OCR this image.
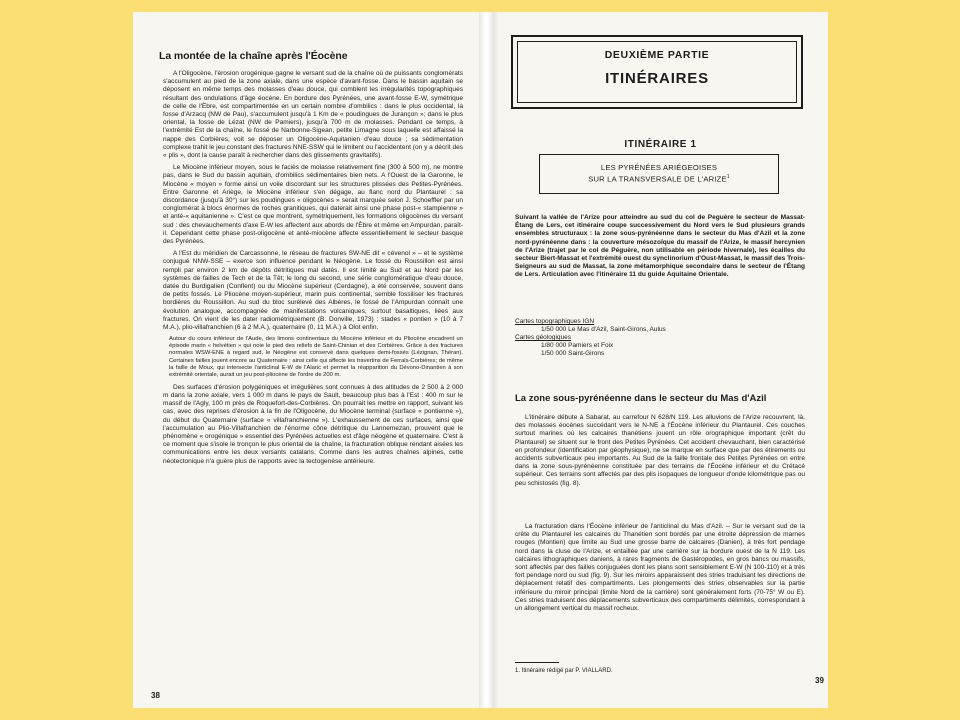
La montée de la chaîne après l'Éocène

A l'Oligocène, l'érosion orogénique gagne le versant sud de la chaîne où de puissants conglomérats s'accumulent au pied de la zone axiale, dans une espèce d'avant-fosse. Dans le bassin aquitain se déposent en même temps des molasses d'eau douce, qui comblent les irrégularités topographiques résultant des ondulations d'âge éocène. En bordure des Pyrénées, une avant-fosse E-W, symétrique de celle de l'Èbre, est compartimentée en un certain nombre d'ombilics : dans le plus occidental, la fosse d'Arzacq (NW de Pau), s'accumulent jusqu'à 1 Km de « poudingues de Jurançon »; dans le plus oriental, la fosse de Lézat (NW de Pamiers), jusqu'à 700 m de molasses. Pendant ce temps, à l'extrémité Est de la chaîne, le fossé de Narbonne-Sigean, petite Limagne sous laquelle est affaissé la nappe des Corbières, voit se déposer un Oligocène-Aquitanien d'eau douce ; sa sédimentation complexe trahit le jeu constant des fractures NNE-SSW qui le limitent ou l'accidentent (on y a décrit des « plis », dont la cause paraît à rechercher dans des glissements gravitatifs).

Le Miocène inférieur moyen, sous le faciès de molasse relativement fine (300 à 500 m), ne montre pas, dans le Sud du bassin aquitain, d'ombilics sédimentaires bien nets. A l'Ouest de la Garonne, le Miocène « moyen » forme ainsi un voile discordant sur les structures plissées des Petites-Pyrénées. Entre Garonne et Ariège, le Miocène inférieur s'en dégage, au flanc nord du Plantaurel : sa discordance (jusqu'à 30°) sur les poudingues « oligocènes » serait marquée selon J. Schoeffler par un conglomérat à blocs énormes de roches granitiques, qui daterait ainsi une phase post-« stampienne » et anté-« aquitanienne ». C'est ce que montrent, symétriquement, les formations oligocènes du versant sud : des chevauchements d'axe E-W les affectent aux abords de l'Èbre et même en Ampurdan, paraît-il. Cependant cette phase post-oligocène et anté-miocène affecte essentiellement le secteur basque des Pyrénées.

A l'Est du méridien de Carcassonne, le réseau de fractures SW-NE dit « cévenol » – et le système conjugué NNW-SSE – exerce son influence pendant le Néogène. Le fossé du Roussillon est ainsi rempli par environ 2 km de dépôts détritiques mal datés. Il est limité au Sud et au Nord par les systèmes de failles de Tech et de la Têt; le long du second, une série conglomératique d'eau douce, datée du Burdigalien (Conflent) ou du Miocène supérieur (Cerdagne), a été conservée, souvent dans de petits fossés. Le Pliocène moyen-supérieur, marin puis continental, semble fossiliser les fractures bordières du Roussillon. Au sud du bloc surélevé des Albères, le fossé de l'Ampurdan connaît une évolution analogue, accompagnée de manifestations volcaniques, surtout basaltiques, liées aux fractures. On vient de les dater radiométriquement (B. Donville, 1973) : stades « pontien » (10 à 7 M.A.), plio-villafranchien (6 à 2 M.A.), quaternaire (0, 11 M.A.) à Olot enfin.

Autour du cours inférieur de l'Aude, des limons continentaux du Miocène inférieur et du Pliocène encadrent un épisode marin « helvétien » qui noie le pied des reliefs de Saint-Chinian et des Corbières. Grâce à des fractures normales WSW-ENE à regard sud, le Néogène est conservé dans quelques demi-fossés (Lézignan, Théran). Certaines failles jouent encore au Quaternaire : ainsi celle qui affecte les travertins de Ferrals-Corbières; de même la faille de Moux, qui intersecte l'anticlinal E-W de l'Alaric et permet la réapparition du Dévono-Dinantien à son extrémité orientale, aurait un jeu post-pliocène de l'ordre de 200 m.

Des surfaces d'érosion polygéniques et irrégulières sont connues à des altitudes de 2 500 à 2 000 m dans la zone axiale, vers 1 000 m dans le pays de Sault, beaucoup plus bas à l'Est : 400 m sur le massif de l'Agly, 100 m près de Roquefort-des-Corbières. On pourrait les mettre en rapport, suivant les cas, avec des reprises d'érosion à la fin de l'Oligocène, du Miocène terminal (surface « pontienne »), du début du Quaternaire (surface « villafranchienne »). L'exhaussement de ces surfaces, ainsi que l'accumulation au Plio-Villafranchien de l'énorme cône détritique du Lannemezan, prouvent que le phénomène « orogénique » essentiel des Pyrénées actuelles est d'âge néogène et quaternaire. C'est à ce moment que s'isole le tronçon le plus oriental de la chaîne, la fracturation oblique rendant aisées les communications entre les deux versants catalans. Comme dans les autres chaînes alpines, cette néotectonique n'a guère plus de rapports avec la tectogenèse antérieure.

38
DEUXIÈME PARTIE
ITINÉRAIRES
ITINÉRAIRE 1
LES PYRÉNÉES ARIÉGEOISES
SUR LA TRANSVERSALE DE L'ARIZE$^1$
Suivant la vallée de l'Arize pour atteindre au sud du col de Peguère le secteur de Massat-Étang de Lers, cet itinéraire coupe successivement du Nord vers le Sud plusieurs grands ensembles structuraux : la zone sous-pyrénéenne dans le secteur du Mas d'Azil et la zone nord-pyrénéenne dans : la couverture mésozoïque du massif de l'Arize, le massif hercynien de l'Arize (trajet par le col de Péguère, non utilisable en période hivernale), les écailles du secteur Biert-Massat et l'extrémité ouest du synclinorium d'Oust-Massat, le massif des Trois-Seigneurs au sud de Massat, la zone métamorphique secondaire dans le secteur de l'Étang de Lers. Articulation avec l'itinéraire 11 du guide Aquitaine Orientale.
Cartes topographiques IGN
1/50 000 Le Mas d'Azil, Saint-Girons, Aulus
Cartes géologiques
1/80 000 Pamiers et Foix
1/50 000 Saint-Girons
La zone sous-pyrénéenne dans le secteur du Mas d'Azil

L'itinéraire débute à Sabarat, au carrefour N 628/N 119. Les alluvions de l'Arize recouvrent, là, des molasses éocènes succédant vers le N-NE à l'Éocène inférieur du Plantaurel. Ces couches surtout marines où les calcaires thanétiens jouent un rôle orographique important (crêt du Plantaurel) se situent sur le front des Petites Pyrénées. Cet accident chevauchant, bien caractérisé en profondeur (identification par géophysique), ne se marque en surface que par des étirements ou accidents subverticaux peu importants. Au Sud de la faille frontale des Petites Pyrénées on entre dans la zone sous-pyrénéenne constituée par des terrains de l'Éocène inférieur et du Crétacé supérieur. Ces terrains sont affectés par des plis isopaques de longueur d'onde kilométrique pas ou peu schistosés (fig. 8).

La fracturation dans l'Éocène inférieur de l'anticlinal du Mas d'Azil. – Sur le versant sud de la crête du Plantaurel les calcaires du Thanétien sont bordés par une étroite dépression de marnes rouges (Montien) que limite au Sud une grosse barre de calcaires (Danien), à très fort pendage nord dans la cluse de l'Arize, et entaillée par une carrière sur la bordure ouest de la N 119. Les calcaires lithographiques daniens, à rares fragments de Gastéropodes, en gros bancs ou massifs, sont affectés par des failles conjuguées dont les plans sont sensiblement E-W (N 100-110) et à très fort pendage nord ou sud (fig. 9). Sur les miroirs apparaissent des stries traduisant les directions de déplacement relatif des compartiments. Les plongements des stries observables sur la partie inférieure du miroir principal (limite Nord de la carrière) sont généralement forts (70-75° W ou E). Ces stries traduisent des déplacements subverticaux des compartiments délimités, correspondant à un allongement vertical du massif rocheux.

1. Itinéraire rédigé par P. VIALLARD.
39
